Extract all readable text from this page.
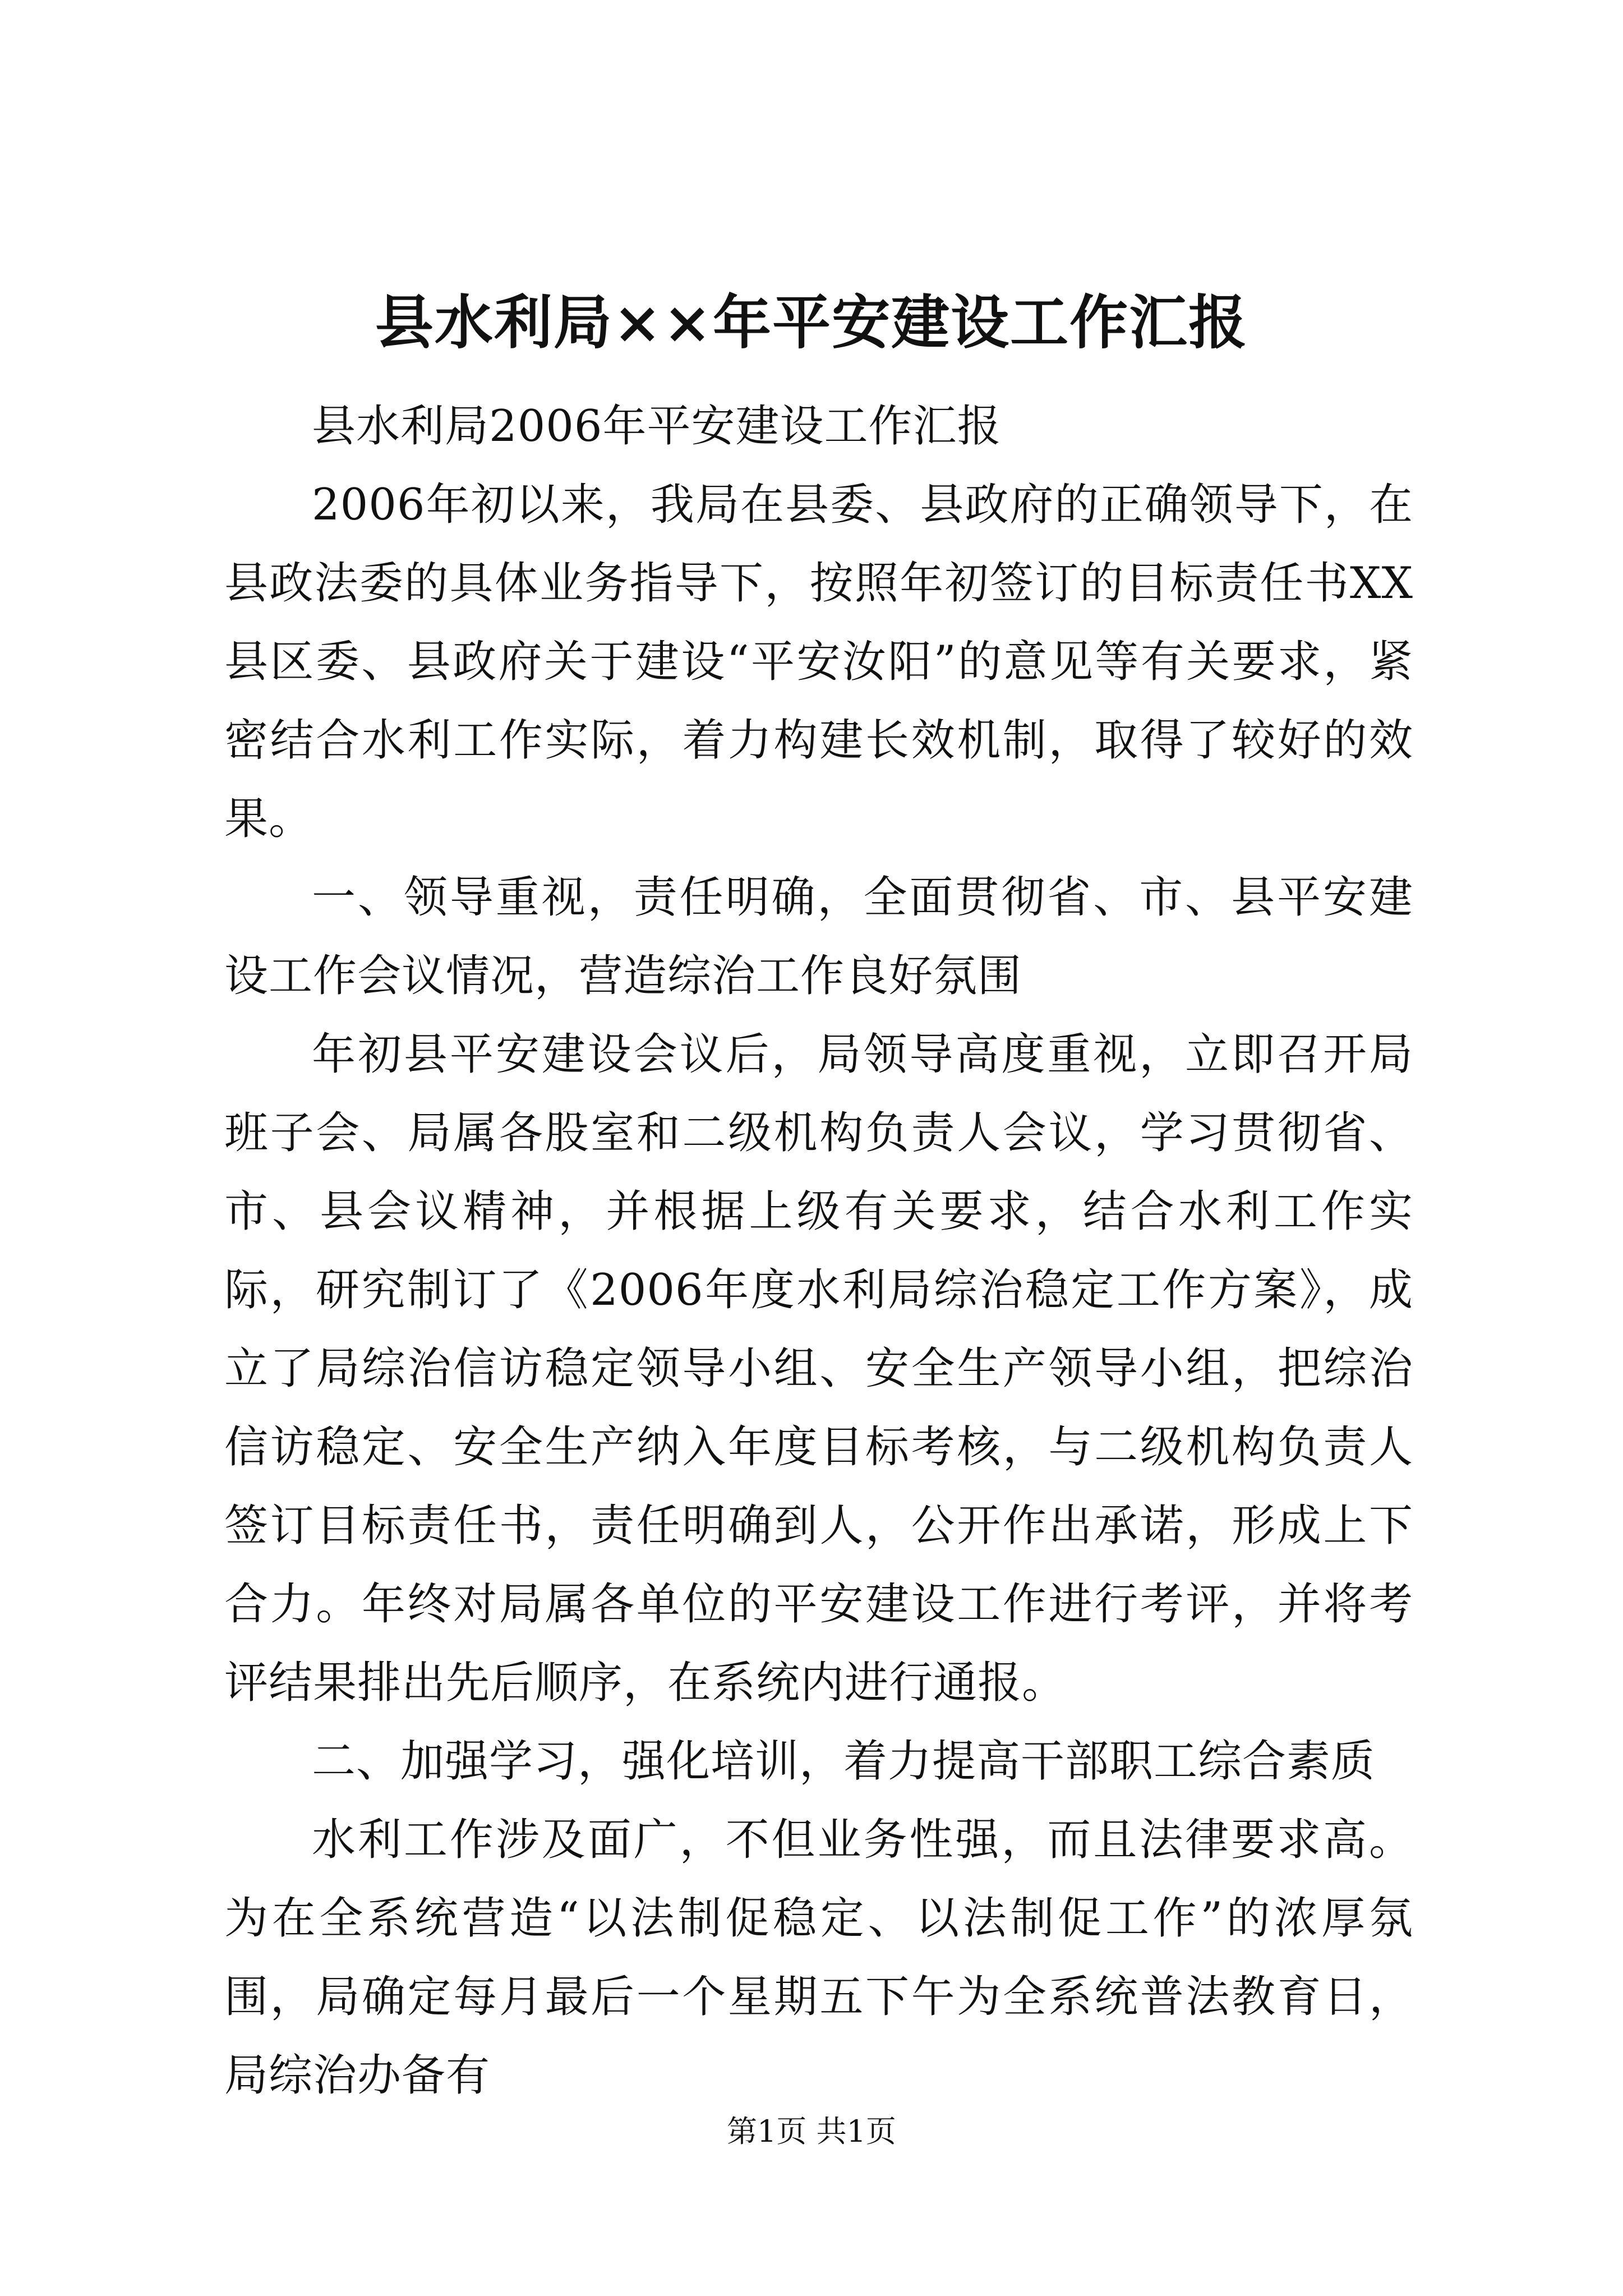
县水利局××年平安建设工作汇报

县水利局2006年平安建设工作汇报

2006年初以来，我局在县委、县政府的正确领导下，在县政法委的具体业务指导下，按照年初签订的目标责任书XX县区委、县政府关于建设“平安汝阳”的意见等有关要求，紧密结合水利工作实际，着力构建长效机制，取得了较好的效果。

一、领导重视，责任明确，全面贯彻省、市、县平安建设工作会议情况，营造综治工作良好氛围

年初县平安建设会议后，局领导高度重视，立即召开局班子会、局属各股室和二级机构负责人会议，学习贯彻省、市、县会议精神，并根据上级有关要求，结合水利工作实际，研究制订了《2006年度水利局综治稳定工作方案》，成立了局综治信访稳定领导小组、安全生产领导小组，把综治信访稳定、安全生产纳入年度目标考核，与二级机构负责人签订目标责任书，责任明确到人，公开作出承诺，形成上下合力。年终对局属各单位的平安建设工作进行考评，并将考评结果排出先后顺序，在系统内进行通报。

二、加强学习，强化培训，着力提高干部职工综合素质

水利工作涉及面广，不但业务性强，而且法律要求高。为在全系统营造“以法制促稳定、以法制促工作”的浓厚氛围，局确定每月最后一个星期五下午为全系统普法教育日，局综治办备有

第1页 共1页
